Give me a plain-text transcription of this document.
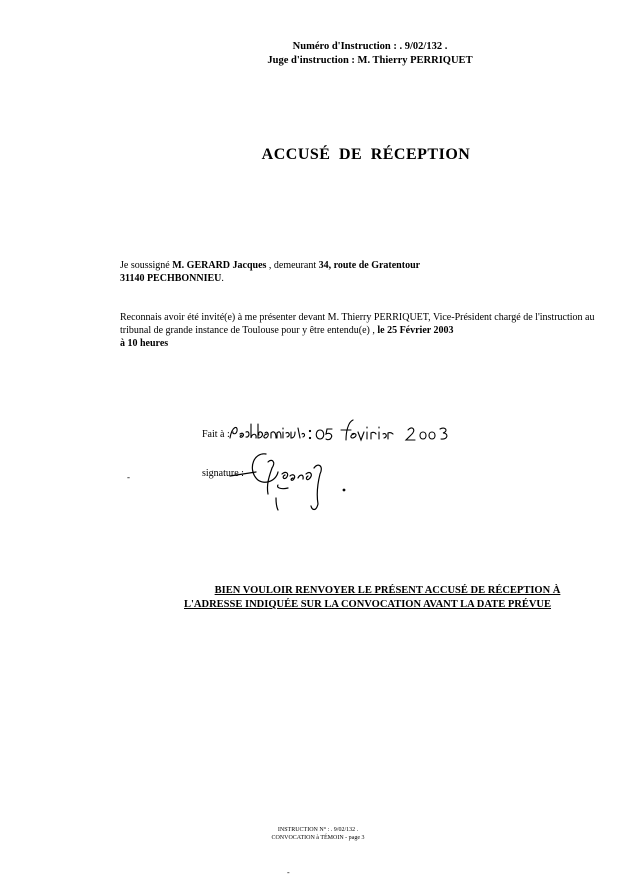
Numéro d'Instruction : . 9/02/132 .
Juge d'instruction : M. Thierry PERRIQUET
ACCUSÉ DE RÉCEPTION
Je soussigné M. GERARD Jacques , demeurant 34, route de Gratentour
31140 PECHBONNIEU.
Reconnais avoir été invité(e) à me présenter devant M. Thierry PERRIQUET, Vice-Président chargé de l'instruction au tribunal de grande instance de Toulouse pour y être entendu(e) , le 25 Février 2003
à 10 heures
Fait à :
-	signature :
BIEN VOULOIR RENVOYER LE PRÉSENT ACCUSÉ DE RÉCEPTION À
L'ADRESSE INDIQUÉE SUR LA CONVOCATION AVANT LA DATE PRÉVUE
INSTRUCTION N° : . 9/02/132 .
CONVOCATION à TÉMOIN - page 3
-
